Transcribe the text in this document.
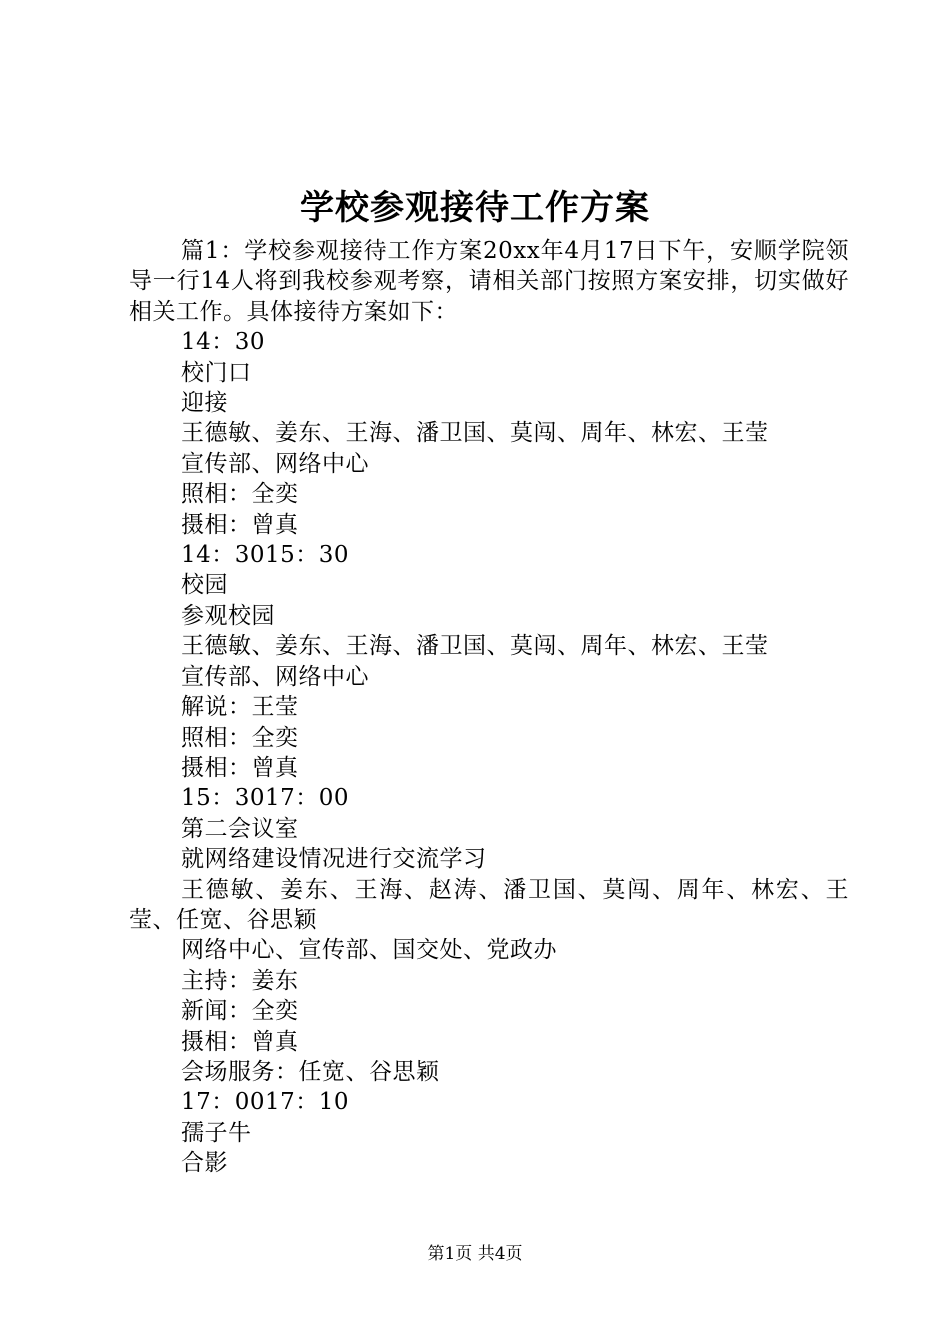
学校参观接待工作方案

篇1：学校参观接待工作方案20xx年4月17日下午，安顺学院领导一行14人将到我校参观考察，请相关部门按照方案安排，切实做好相关工作。具体接待方案如下：

14：30
校门口
迎接
王德敏、姜东、王海、潘卫国、莫闯、周年、林宏、王莹
宣传部、网络中心
照相：全奕
摄相：曾真
14：3015：30
校园
参观校园
王德敏、姜东、王海、潘卫国、莫闯、周年、林宏、王莹
宣传部、网络中心
解说：王莹
照相：全奕
摄相：曾真
15：3017：00
第二会议室
就网络建设情况进行交流学习

王德敏、姜东、王海、赵涛、潘卫国、莫闯、周年、林宏、王莹、任宽、谷思颖

网络中心、宣传部、国交处、党政办
主持：姜东
新闻：全奕
摄相：曾真
会场服务：任宽、谷思颖
17：0017：10
孺子牛
合影
第1页 共4页
